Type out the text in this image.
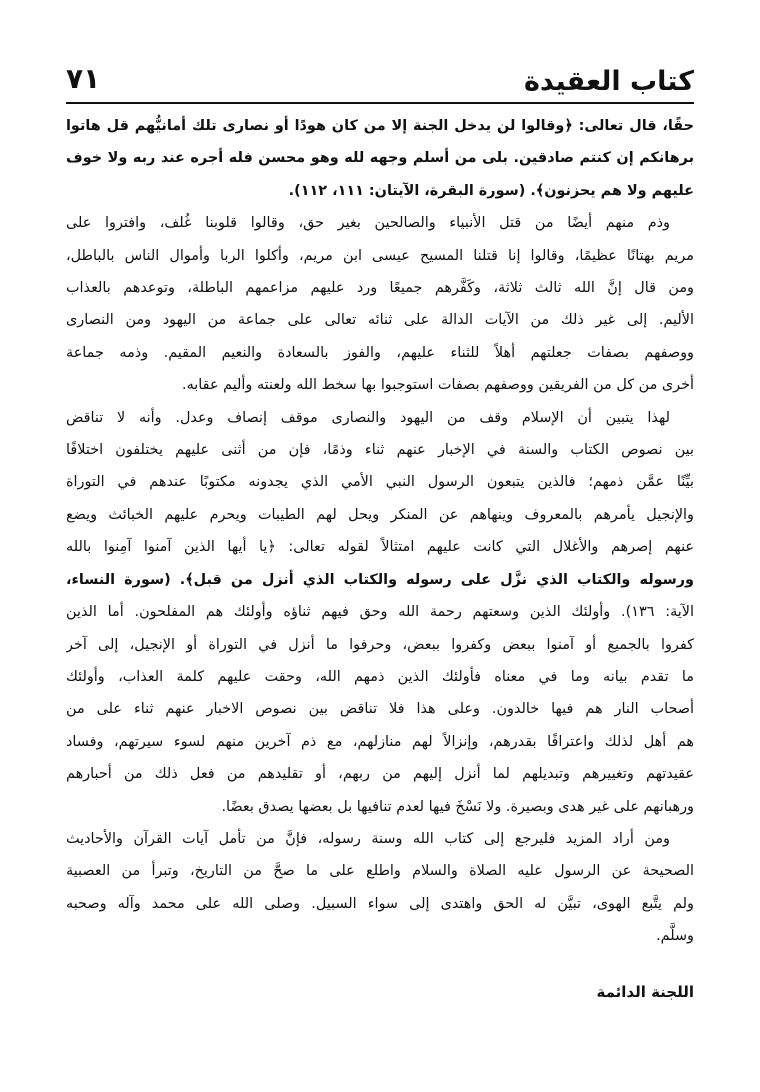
كتاب العقيدة
٧١
حقًا، قال تعالى: ﴿وقالوا لن يدخل الجنة إلا من كان هودًا أو نصارى تلك أمانيُّهم قل هاتوا
برهانكم إن كنتم صادقين. بلى من أسلم وجهه لله وهو محسن فله أجره عند ربه ولا خوف
عليهم ولا هم يحزنون﴾. (سورة البقرة، الآيتان: ١١١، ١١٢).
وذم منهم أيضًا من قتل الأنبياء والصالحين بغير حق، وقالوا قلوبنا غُلف، وافتروا على
مريم بهتانًا عظيمًا، وقالوا إنا قتلنا المسيح عيسى ابن مريم، وأكلوا الربا وأموال الناس بالباطل،
ومن قال إنَّ الله ثالث ثلاثة، وكَفَّرهم جميعًا ورد عليهم مزاعمهم الباطلة، وتوعدهم بالعذاب
الأليم. إلى غير ذلك من الآيات الدالة على ثنائه تعالى على جماعة من اليهود ومن النصارى
ووصفهم بصفات جعلتهم أهلاً للثناء عليهم، والفوز بالسعادة والنعيم المقيم. وذمه جماعة
أخرى من كل من الفريقين ووصفهم بصفات استوجبوا بها سخط الله ولعنته وأليم عقابه.
لهذا يتبين أن الإسلام وقف من اليهود والنصارى موقف إنصاف وعدل. وأنه لا تناقض
بين نصوص الكتاب والسنة في الإخبار عنهم ثناء وذمًا، فإن من أثنى عليهم يختلفون اختلافًا
بيِّنًا عمَّن ذمهم؛ فالذين يتبعون الرسول النبي الأمي الذي يجدونه مكتوبًا عندهم في التوراة
والإنجيل يأمرهم بالمعروف وينهاهم عن المنكر ويحل لهم الطيبات ويحرم عليهم الخبائث ويضع
عنهم إصرهم والأغلال التي كانت عليهم امتثالاً لقوله تعالى: ﴿يا أيها الذين آمنوا آمِنوا بالله
ورسوله والكتاب الذي نزَّل على رسوله والكتاب الذي أنزل من قبل﴾. (سورة النساء،
الآية: ١٣٦). وأولئك الذين وسعتهم رحمة الله وحق فيهم ثناؤه وأولئك هم المفلحون. أما الذين
كفروا بالجميع أو آمنوا ببعض وكفروا ببعض، وحرفوا ما أنزل في التوراة أو الإنجيل، إلى آخر
ما تقدم بيانه وما في معناه فأولئك الذين ذمهم الله، وحقت عليهم كلمة العذاب، وأولئك
أصحاب النار هم فيها خالدون. وعلى هذا فلا تناقض بين نصوص الاخبار عنهم ثناء على من
هم أهل لذلك واعترافًا بقدرهم، وإنزالاً لهم منازلهم، مع ذم آخرين منهم لسوء سيرتهم، وفساد
عقيدتهم وتغييرهم وتبديلهم لما أنزل إليهم من ربهم، أو تقليدهم من فعل ذلك من أحبارهم
ورهبانهم على غير هدى وبصيرة. ولا نَسْخَ فيها لعدم تنافيها بل بعضها يصدق بعضًا.
ومن أراد المزيد فليرجع إلى كتاب الله وسنة رسوله، فإنَّ من تأمل آيات القرآن والأحاديث
الصحيحة عن الرسول عليه الصلاة والسلام واطلع على ما صحَّ من التاريخ، وتبرأ من العصبية
ولم يتَّبع الهوى، تبيَّن له الحق واهتدى إلى سواء السبيل. وصلى الله على محمد وآله وصحبه
وسلَّم.
اللجنة الدائمة
